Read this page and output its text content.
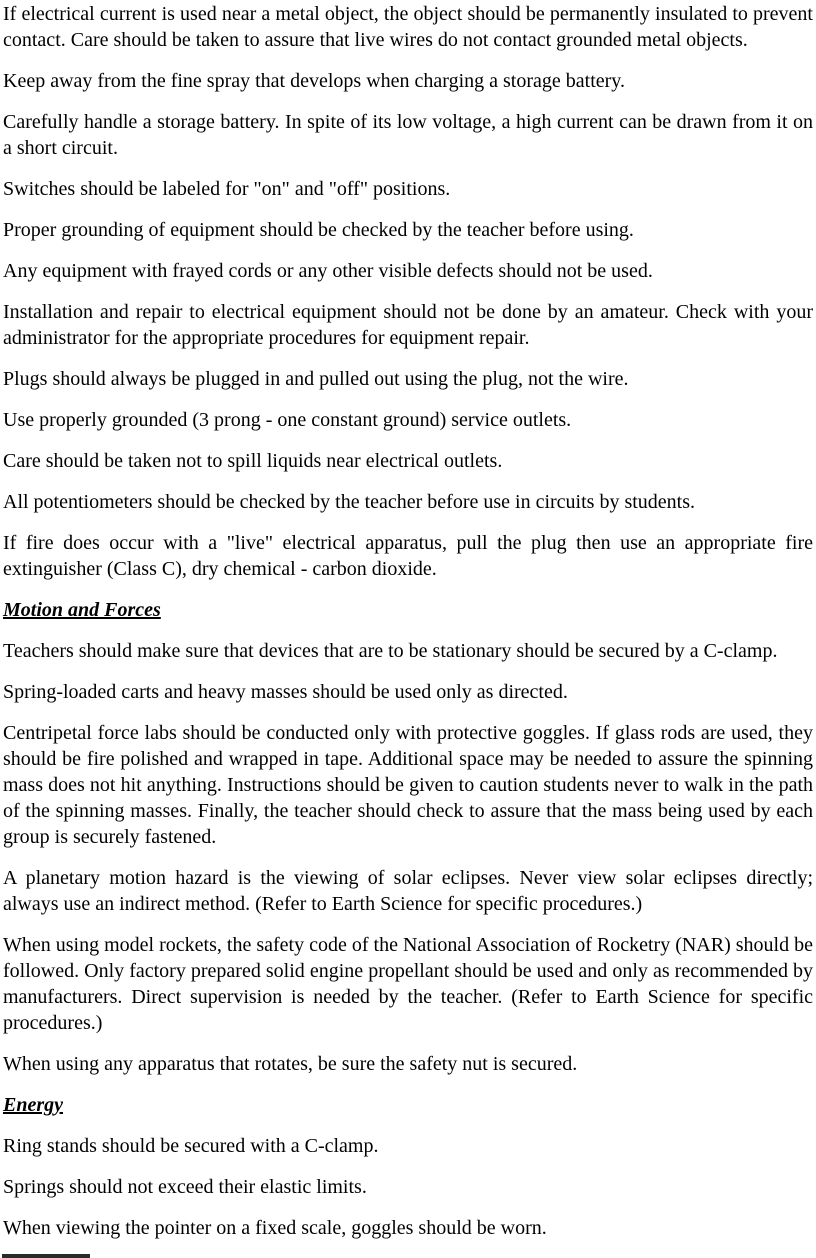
If electrical current is used near a metal object, the object should be permanently insulated to prevent contact. Care should be taken to assure that live wires do not contact grounded metal objects.

Keep away from the fine spray that develops when charging a storage battery.

Carefully handle a storage battery. In spite of its low voltage, a high current can be drawn from it on a short circuit.

Switches should be labeled for "on" and "off" positions.

Proper grounding of equipment should be checked by the teacher before using.

Any equipment with frayed cords or any other visible defects should not be used.

Installation and repair to electrical equipment should not be done by an amateur. Check with your administrator for the appropriate procedures for equipment repair.

Plugs should always be plugged in and pulled out using the plug, not the wire.

Use properly grounded (3 prong - one constant ground) service outlets.

Care should be taken not to spill liquids near electrical outlets.

All potentiometers should be checked by the teacher before use in circuits by students.

If fire does occur with a "live" electrical apparatus, pull the plug then use an appropriate fire extinguisher (Class C), dry chemical - carbon dioxide.

Motion and Forces

Teachers should make sure that devices that are to be stationary should be secured by a C-clamp.

Spring-loaded carts and heavy masses should be used only as directed.

Centripetal force labs should be conducted only with protective goggles. If glass rods are used, they should be fire polished and wrapped in tape. Additional space may be needed to assure the spinning mass does not hit anything. Instructions should be given to caution students never to walk in the path of the spinning masses. Finally, the teacher should check to assure that the mass being used by each group is securely fastened.

A planetary motion hazard is the viewing of solar eclipses. Never view solar eclipses directly; always use an indirect method. (Refer to Earth Science for specific procedures.)

When using model rockets, the safety code of the National Association of Rocketry (NAR) should be followed. Only factory prepared solid engine propellant should be used and only as recommended by manufacturers. Direct supervision is needed by the teacher. (Refer to Earth Science for specific procedures.)

When using any apparatus that rotates, be sure the safety nut is secured.

Energy

Ring stands should be secured with a C-clamp.

Springs should not exceed their elastic limits.

When viewing the pointer on a fixed scale, goggles should be worn.
